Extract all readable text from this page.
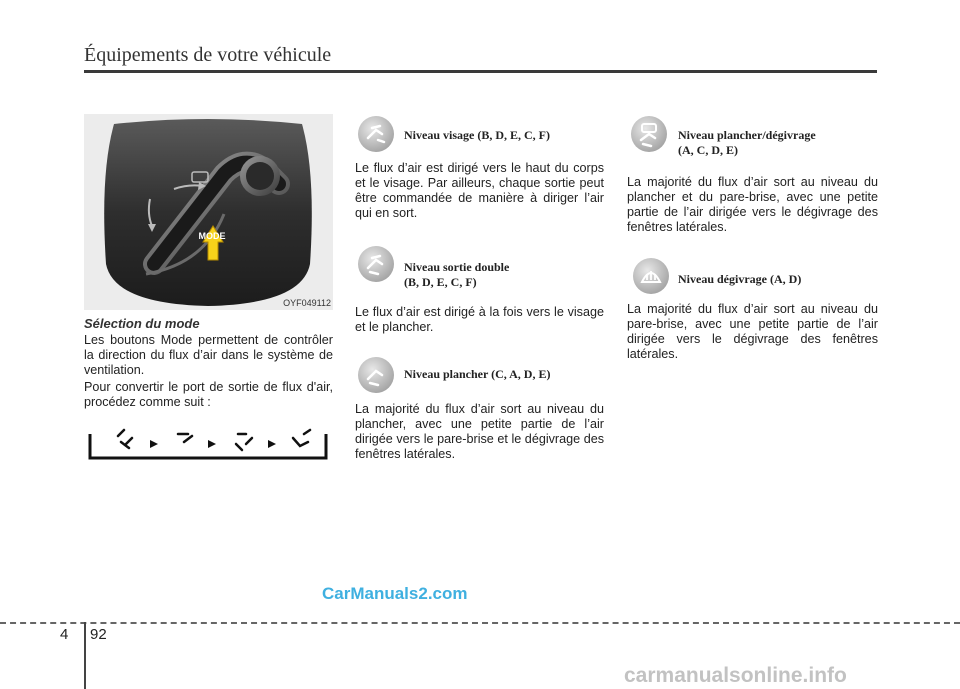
Équipements de votre véhicule
MODE
OYF049112
Sélection du mode
Les boutons Mode permettent de contrôler la direction du flux d’air dans le système de ventilation.
Pour convertir le port de sortie de flux d'air, procédez comme suit :
Niveau visage (B, D, E, C, F)
Le flux d’air est dirigé vers le haut du corps et le visage. Par ailleurs, chaque sortie peut être commandée de manière à diriger l’air qui en sort.
Niveau sortie double
(B, D, E, C, F)
Le flux d’air est dirigé à la fois vers le visage et le plancher.
Niveau plancher (C, A, D, E)
La majorité du flux d’air sort au niveau du plancher, avec une petite partie de l’air dirigée vers le pare-brise et le dégivrage des fenêtres latérales.
Niveau plancher/dégivrage
(A, C, D, E)
La majorité du flux d’air sort au niveau du plancher et du pare-brise, avec une petite partie de l’air dirigée vers le dégivrage des fenêtres latérales.
Niveau dégivrage (A, D)
La majorité du flux d’air sort au niveau du pare-brise, avec une petite partie de l’air dirigée vers le dégivrage des fenêtres latérales.
4 92
CarManuals2.com
carmanualsonline.info
